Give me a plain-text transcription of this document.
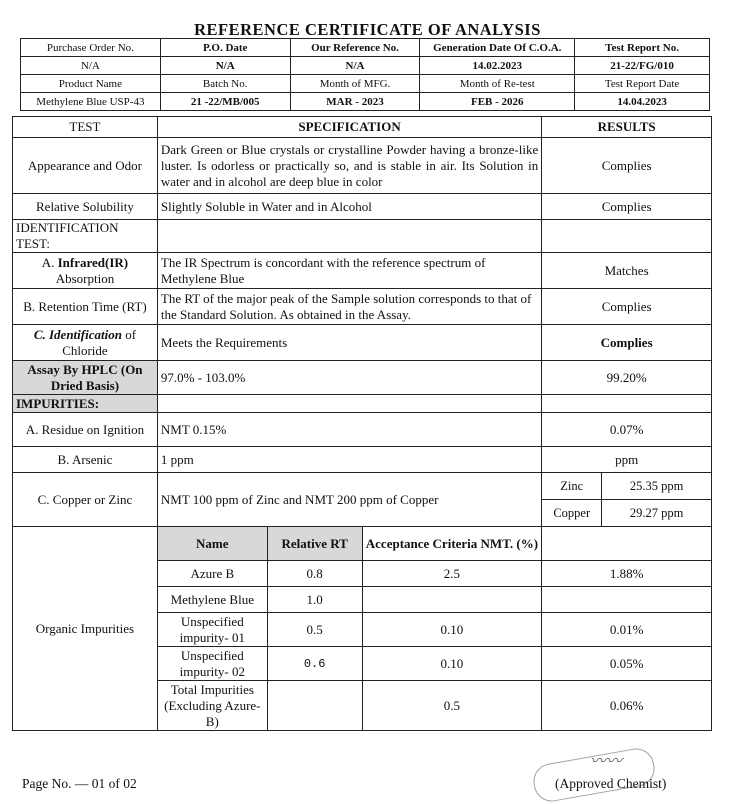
REFERENCE CERTIFICATE OF ANALYSIS
Purchase Order No.	P.O. Date	Our Reference No.	Generation Date Of C.O.A.	Test Report No.
N/A	N/A	N/A	14.02.2023	21-22/FG/010
Product Name	Batch No.	Month of MFG.	Month of Re-test	Test Report Date
Methylene Blue USP-43	21 -22/MB/005	MAR - 2023	FEB - 2026	14.04.2023
TEST	SPECIFICATION			RESULTS	
Appearance and Odor	Dark Green or Blue crystals or crystalline Powder having a bronze-like luster. Is odorless or practically so, and is stable in air. Its Solution in water and in alcohol are deep blue in color			Complies	
Relative Solubility	Slightly Soluble in Water and in Alcohol			Complies	
IDENTIFICATION TEST:					
A. Infrared(IR) Absorption	The IR Spectrum is concordant with the reference spectrum of Methylene Blue			Matches	
B. Retention Time (RT)	The RT of the major peak of the Sample solution corresponds to that of the Standard Solution. As obtained in the Assay.			Complies	
C. Identification of Chloride	Meets the Requirements			Complies	
Assay By HPLC (On Dried Basis)	97.0% - 103.0%			99.20%	
IMPURITIES:					
A. Residue on Ignition	NMT 0.15%			0.07%	
B. Arsenic	1 ppm			ppm	
C. Copper or Zinc	NMT 100 ppm of Zinc and NMT 200 ppm of Copper			Zinc	25.35 ppm
				Copper	29.27 ppm
Organic Impurities	Name	Relative RT	Acceptance Criteria NMT. (%)		
	Azure B	0.8	2.5	1.88%	
	Methylene Blue	1.0			
	Unspecified impurity- 01	0.5	0.10	0.01%	
	Unspecified impurity- 02	0.6	0.10	0.05%	
	Total Impurities (Excluding Azure-B)		0.5	0.06%	
〰〰
Page No. — 01 of 02	(Approved Chemist)
